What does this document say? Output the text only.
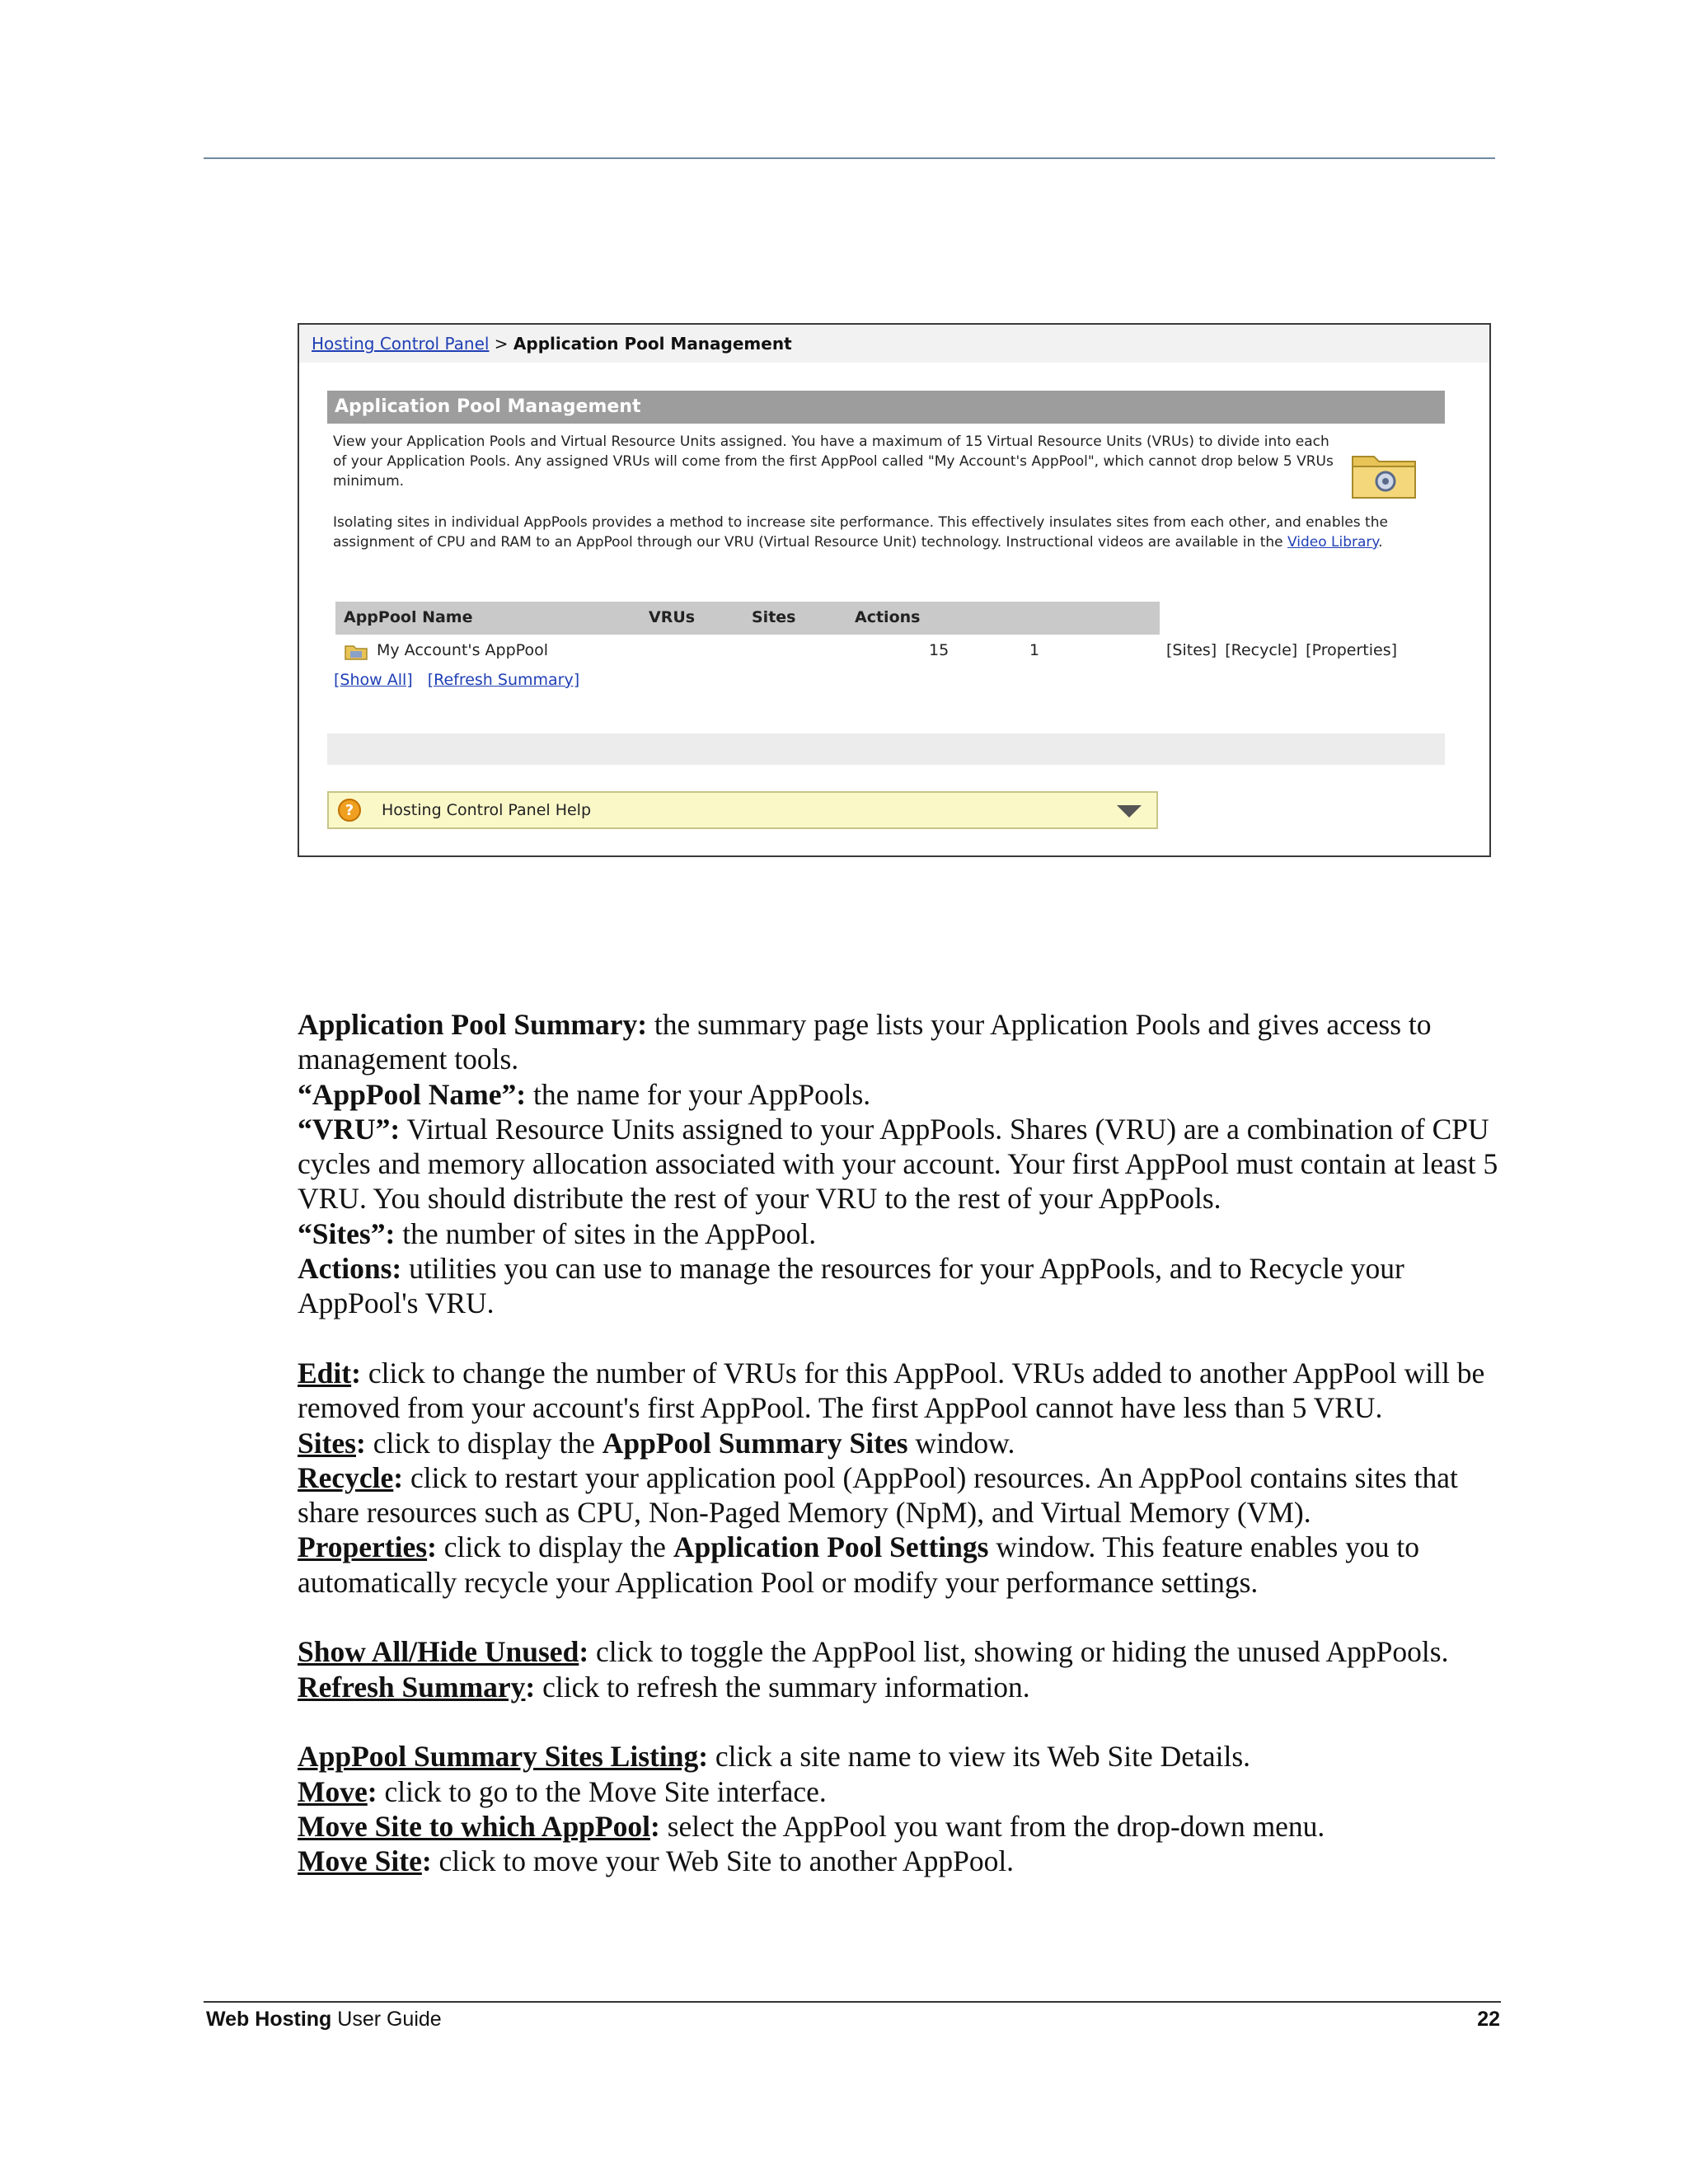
Hosting Control Panel > Application Pool Management
Application Pool Management

View your Application Pools and Virtual Resource Units assigned. You have a maximum of 15 Virtual Resource Units (VRUs) to divide into each of your Application Pools. Any assigned VRUs will come from the first AppPool called "My Account's AppPool", which cannot drop below 5 VRUs minimum.

Isolating sites in individual AppPools provides a method to increase site performance. This effectively insulates sites from each other, and enables the assignment of CPU and RAM to an AppPool through our VRU (Virtual Resource Unit) technology. Instructional videos are available in the Video Library.

AppPool Name	VRUs	Sites	Actions
My Account's AppPool	15	1	[Sites] [Recycle] [Properties]
[Show All] [Refresh Summary]
? Hosting Control Panel Help

Application Pool Summary: the summary page lists your Application Pools and gives access to management tools.

“AppPool Name”: the name for your AppPools.

“VRU”: Virtual Resource Units assigned to your AppPools. Shares (VRU) are a combination of CPU cycles and memory allocation associated with your account. Your first AppPool must contain at least 5 VRU. You should distribute the rest of your VRU to the rest of your AppPools.

“Sites”: the number of sites in the AppPool.

Actions: utilities you can use to manage the resources for your AppPools, and to Recycle your AppPool's VRU.

Edit: click to change the number of VRUs for this AppPool. VRUs added to another AppPool will be removed from your account's first AppPool. The first AppPool cannot have less than 5 VRU.

Sites: click to display the AppPool Summary Sites window.

Recycle: click to restart your application pool (AppPool) resources. An AppPool contains sites that share resources such as CPU, Non-Paged Memory (NpM), and Virtual Memory (VM).

Properties: click to display the Application Pool Settings window. This feature enables you to automatically recycle your Application Pool or modify your performance settings.

Show All/Hide Unused: click to toggle the AppPool list, showing or hiding the unused AppPools.

Refresh Summary: click to refresh the summary information.

AppPool Summary Sites Listing: click a site name to view its Web Site Details.

Move: click to go to the Move Site interface.

Move Site to which AppPool: select the AppPool you want from the drop-down menu.

Move Site: click to move your Web Site to another AppPool.

Web Hosting User Guide	22
